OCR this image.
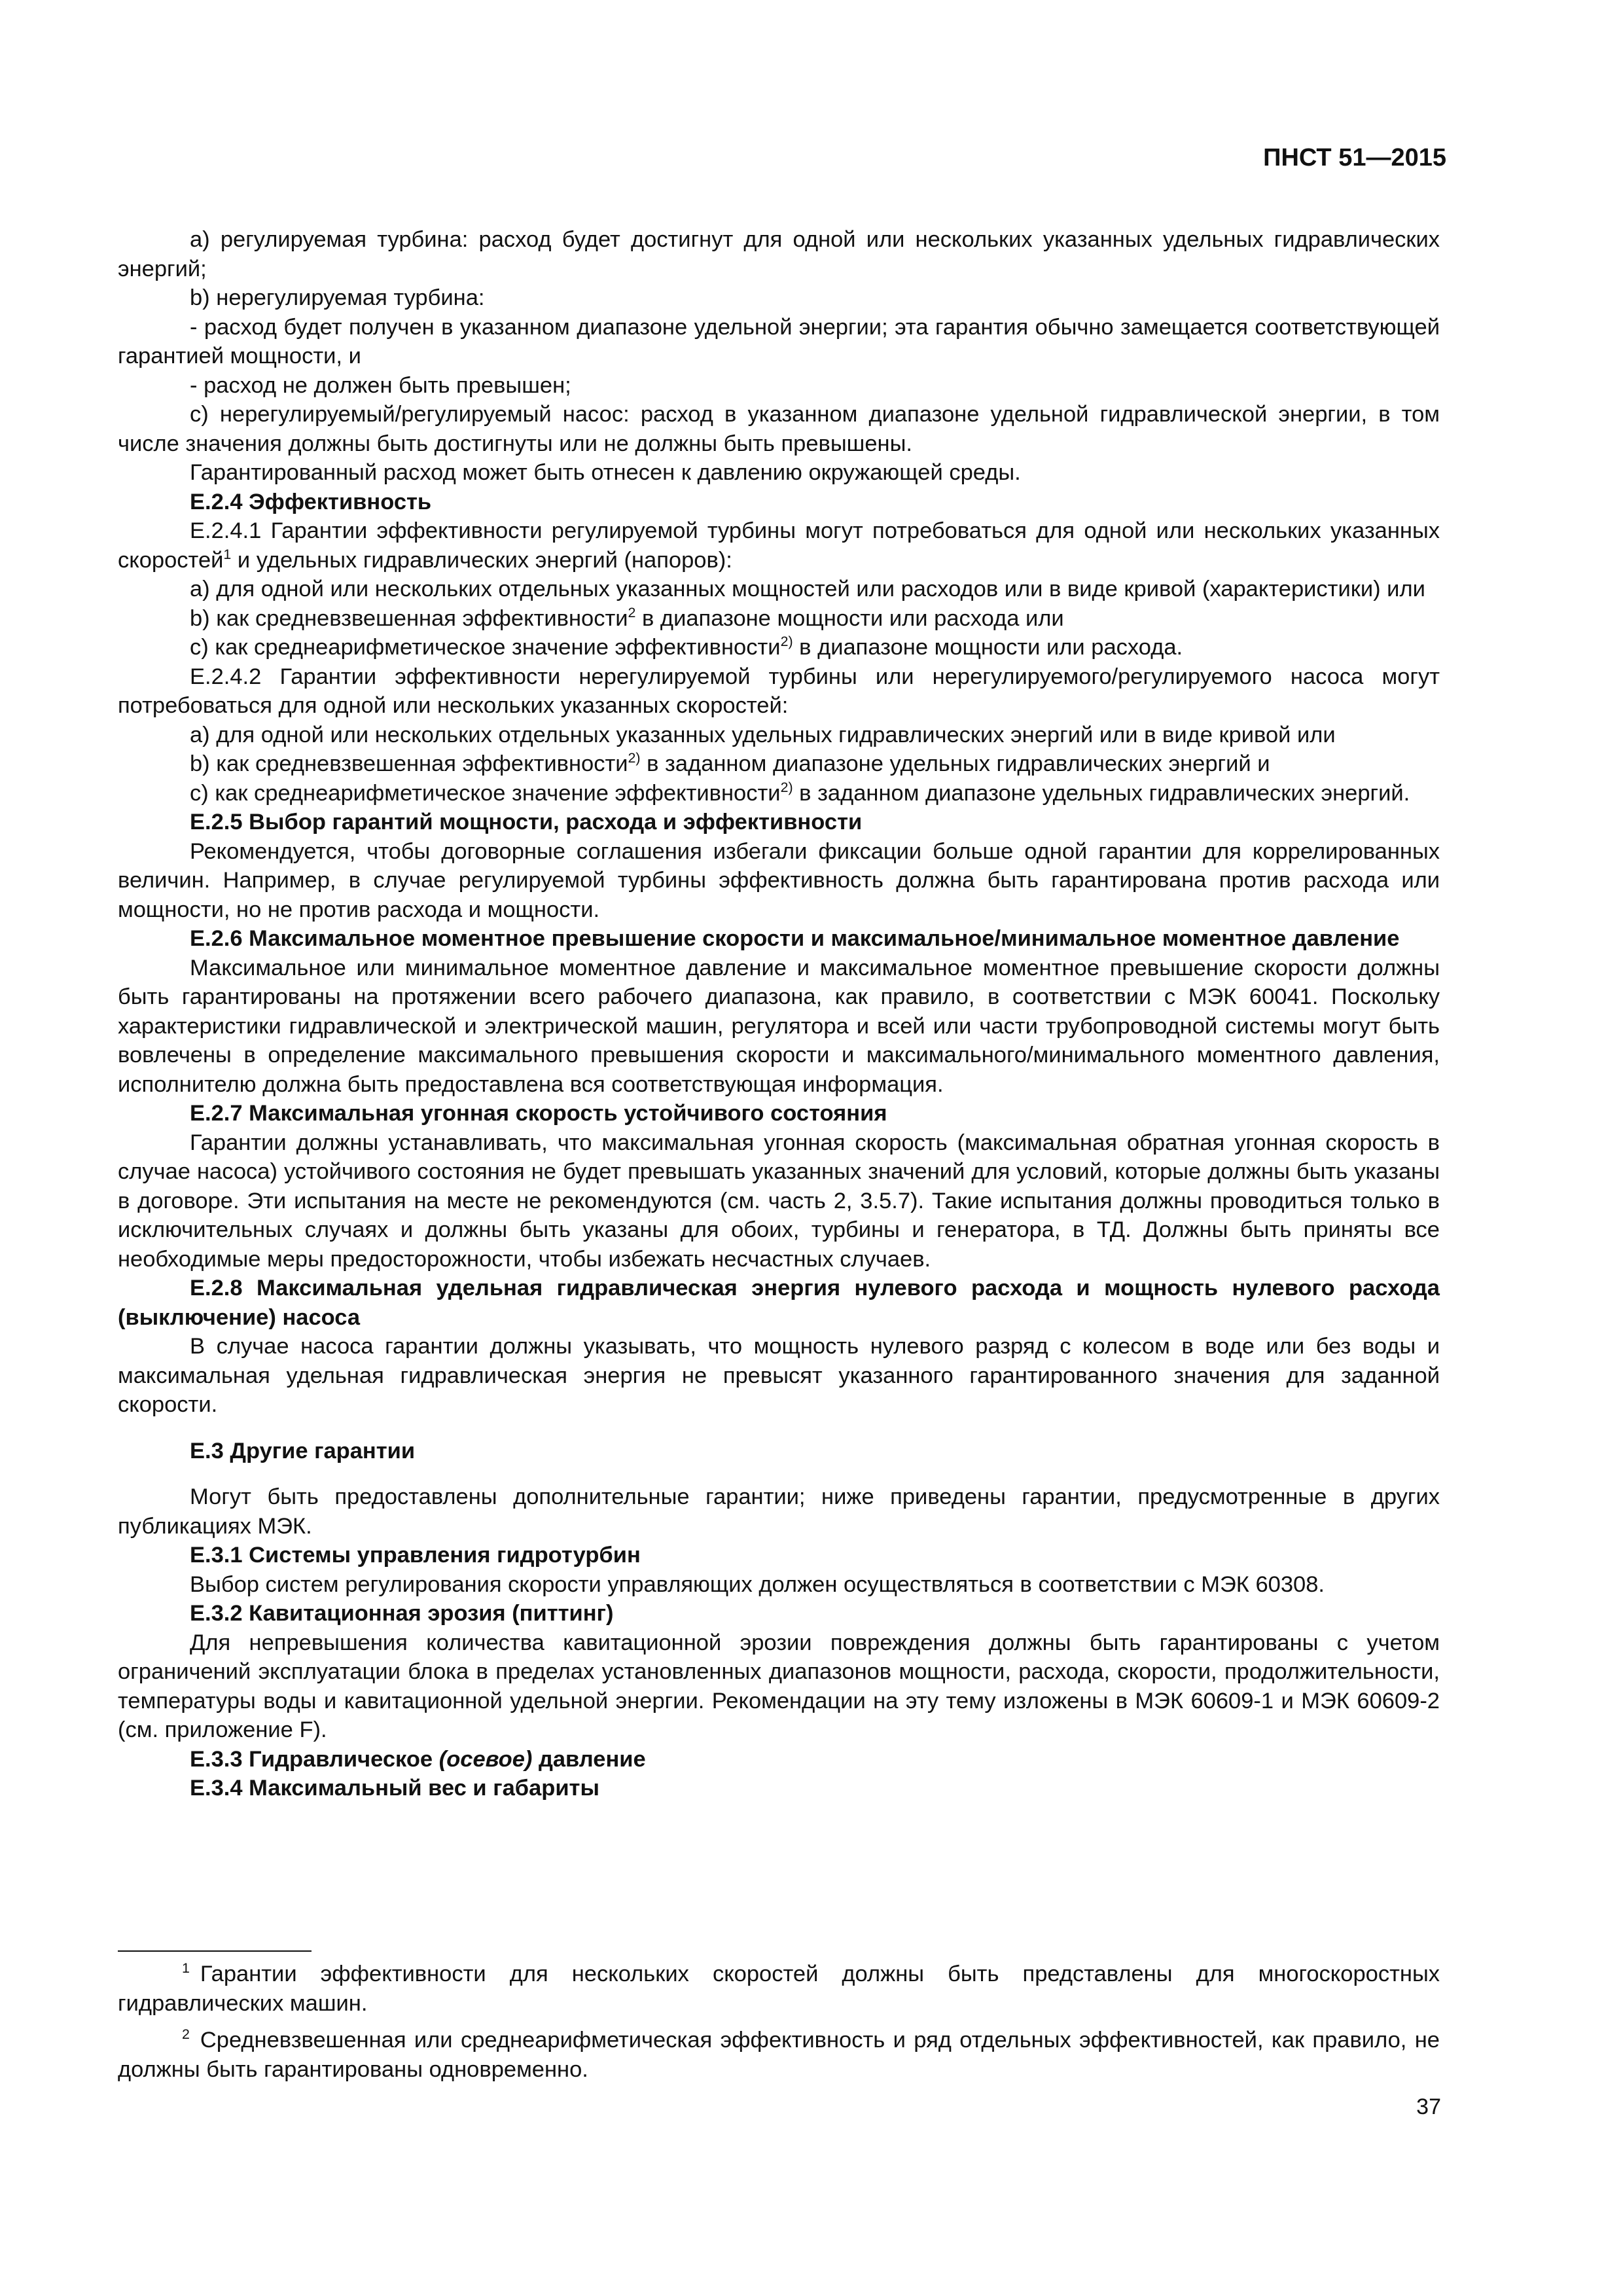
ПНСТ 51—2015

а) регулируемая турбина: расход будет достигнут для одной или нескольких указанных удельных гидравлических энергий;

b) нерегулируемая турбина:

- расход будет получен в указанном диапазоне удельной энергии; эта гарантия обычно замещается соответствующей гарантией мощности, и

- расход не должен быть превышен;

c) нерегулируемый/регулируемый насос: расход в указанном диапазоне удельной гидравлической энергии, в том числе значения должны быть достигнуты или не должны быть превышены.

Гарантированный расход может быть отнесен к давлению окружающей среды.

Е.2.4 Эффективность

Е.2.4.1 Гарантии эффективности регулируемой турбины могут потребоваться для одной или нескольких указанных скоростей$^1$ и удельных гидравлических энергий (напоров):

а) для одной или нескольких отдельных указанных мощностей или расходов или в виде кривой (характеристики) или

b) как средневзвешенная эффективности$^2$ в диапазоне мощности или расхода или

c) как среднеарифметическое значение эффективности$^{2)}$ в диапазоне мощности или расхода.

Е.2.4.2 Гарантии эффективности нерегулируемой турбины или нерегулируемого/регулируемого насоса могут потребоваться для одной или нескольких указанных скоростей:

а) для одной или нескольких отдельных указанных удельных гидравлических энергий или в виде кривой или

b) как средневзвешенная эффективности$^{2)}$ в заданном диапазоне удельных гидравлических энергий и

c) как среднеарифметическое значение эффективности$^{2)}$ в заданном диапазоне удельных гидравлических энергий.

Е.2.5 Выбор гарантий мощности, расхода и эффективности

Рекомендуется, чтобы договорные соглашения избегали фиксации больше одной гарантии для коррелированных величин. Например, в случае регулируемой турбины эффективность должна быть гарантирована против расхода или мощности, но не против расхода и мощности.

Е.2.6 Максимальное моментное превышение скорости и максимальное/минимальное моментное давление

Максимальное или минимальное моментное давление и максимальное моментное превышение скорости должны быть гарантированы на протяжении всего рабочего диапазона, как правило, в соответствии с МЭК 60041. Поскольку характеристики гидравлической и электрической машин, регулятора и всей или части трубопроводной системы могут быть вовлечены в определение максимального превышения скорости и максимального/минимального моментного давления, исполнителю должна быть предоставлена вся соответствующая информация.

Е.2.7 Максимальная угонная скорость устойчивого состояния

Гарантии должны устанавливать, что максимальная угонная скорость (максимальная обратная угонная скорость в случае насоса) устойчивого состояния не будет превышать указанных значений для условий, которые должны быть указаны в договоре. Эти испытания на месте не рекомендуются (см. часть 2, 3.5.7). Такие испытания должны проводиться только в исключительных случаях и должны быть указаны для обоих, турбины и генератора, в ТД. Должны быть приняты все необходимые меры предосторожности, чтобы избежать несчастных случаев.

Е.2.8 Максимальная удельная гидравлическая энергия нулевого расхода и мощность нулевого расхода (выключение) насоса

В случае насоса гарантии должны указывать, что мощность нулевого разряд с колесом в воде или без воды и максимальная удельная гидравлическая энергия не превысят указанного гарантированного значения для заданной скорости.

Е.3 Другие гарантии

Могут быть предоставлены дополнительные гарантии; ниже приведены гарантии, предусмотренные в других публикациях МЭК.

Е.3.1 Системы управления гидротурбин

Выбор систем регулирования скорости управляющих должен осуществляться в соответствии с МЭК 60308.

Е.3.2 Кавитационная эрозия (питтинг)

Для непревышения количества кавитационной эрозии повреждения должны быть гарантированы с учетом ограничений эксплуатации блока в пределах установленных диапазонов мощности, расхода, скорости, продолжительности, температуры воды и кавитационной удельной энергии. Рекомендации на эту тему изложены в МЭК 60609-1 и МЭК 60609-2 (см. приложение F).

Е.3.3 Гидравлическое (осевое) давление

Е.3.4 Максимальный вес и габариты

$^1$ Гарантии эффективности для нескольких скоростей должны быть представлены для многоскоростных гидравлических машин.

$^2$ Средневзвешенная или среднеарифметическая эффективность и ряд отдельных эффективностей, как правило, не должны быть гарантированы одновременно.

37
